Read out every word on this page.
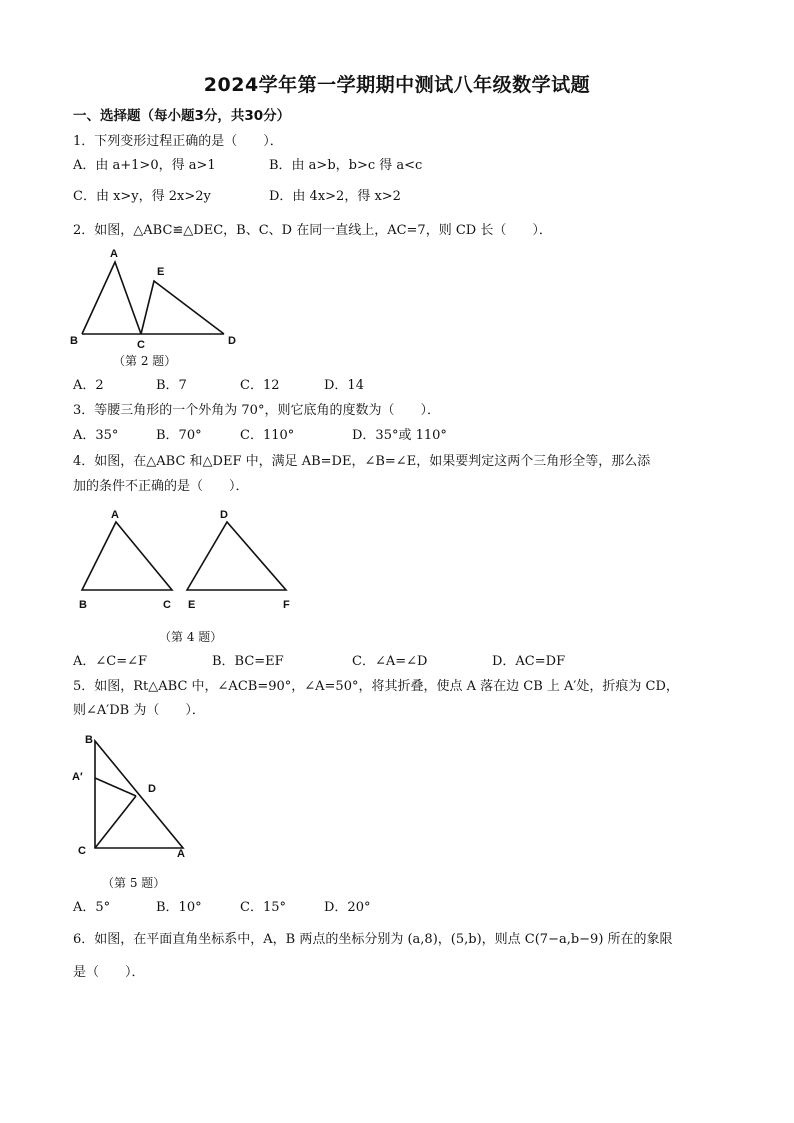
2024学年第一学期期中测试八年级数学试题
一、选择题（每小题3分，共30分）
1．下列变形过程正确的是（　　）．
A．由 a+1>0，得 a>1	B．由 a>b，b>c 得 a<c
C．由 x>y，得 2x>2y	D．由 4x>2，得 x>2
2．如图，△ABC≌△DEC，B、C、D 在同一直线上，AC=7，则 CD 长（　　）．
A
B	C	D
E
（第 2 题）
A．2	B．7	C．12	D．14
3．等腰三角形的一个外角为 70°，则它底角的度数为（　　）．
A．35°	B．70°	C．110°	D．35°或 110°
4．如图，在△ABC 和△DEF 中，满足 AB=DE，∠B=∠E，如果要判定这两个三角形全等，那么添
加的条件不正确的是（　　）．
A
B	C
D
E	F
（第 4 题）
A．∠C=∠F	B．BC=EF	C．∠A=∠D	D．AC=DF
5．如图，Rt△ABC 中，∠ACB=90°，∠A=50°，将其折叠，使点 A 落在边 CB 上 A′处，折痕为 CD，
则∠A′DB 为（　　）．
B
A′
D
C	A
（第 5 题）
A．5°	B．10°	C．15°	D．20°
6．如图，在平面直角坐标系中，A，B 两点的坐标分别为 (a,8)，(5,b)，则点 C(7−a,b−9) 所在的象限
是（　　）．
